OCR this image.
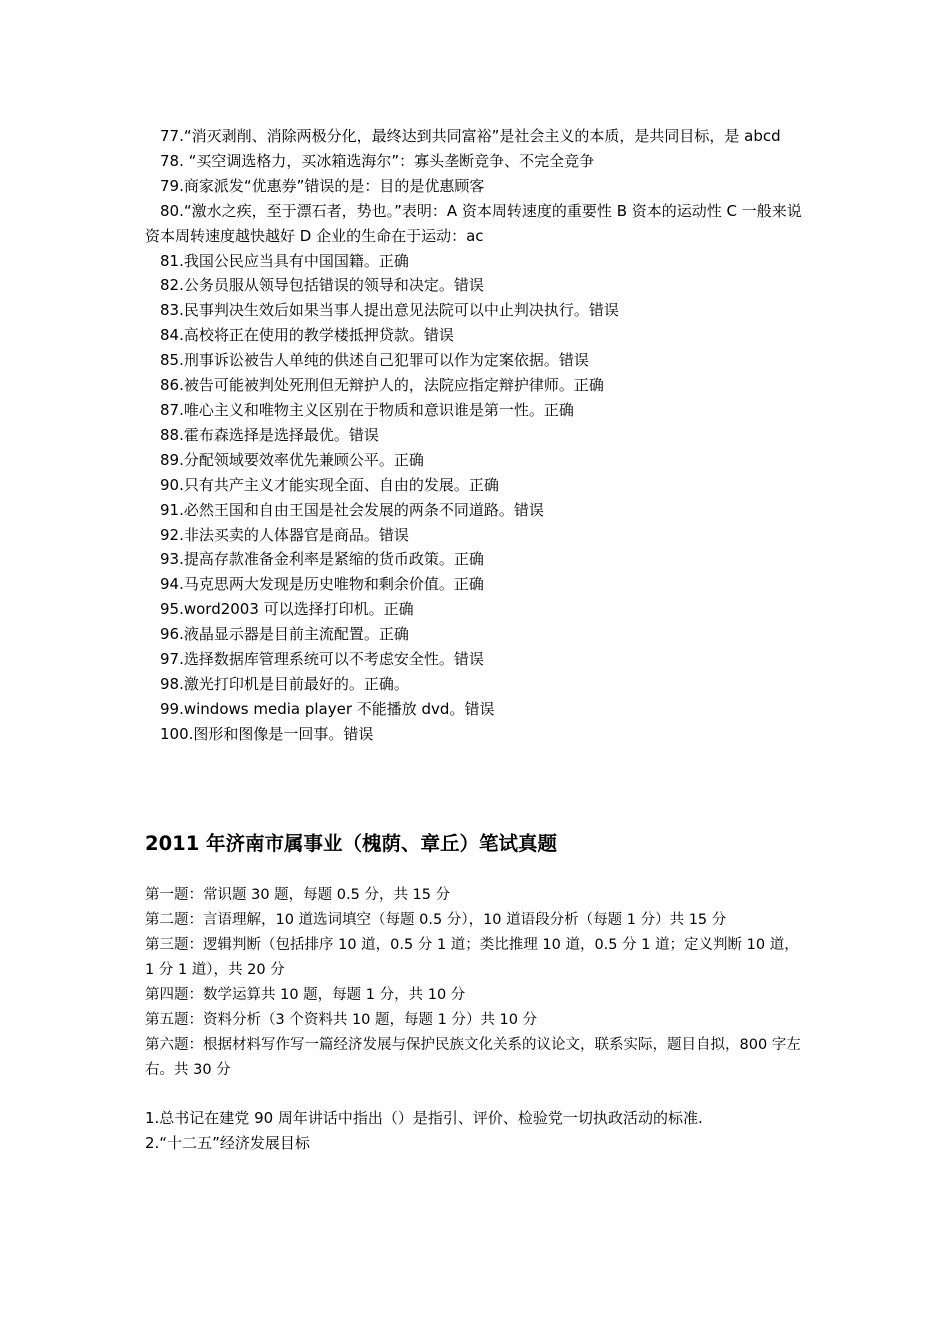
77.“消灭剥削、消除两极分化，最终达到共同富裕”是社会主义的本质，是共同目标，是 abcd

78. “买空调选格力，买冰箱选海尔”：寡头垄断竞争、不完全竞争

79.商家派发“优惠券”错误的是：目的是优惠顾客

80.“激水之疾，至于漂石者，势也。”表明：A 资本周转速度的重要性 B 资本的运动性 C 一般来说资本周转速度越快越好 D 企业的生命在于运动：ac

81.我国公民应当具有中国国籍。正确

82.公务员服从领导包括错误的领导和决定。错误

83.民事判决生效后如果当事人提出意见法院可以中止判决执行。错误

84.高校将正在使用的教学楼抵押贷款。错误

85.刑事诉讼被告人单纯的供述自己犯罪可以作为定案依据。错误

86.被告可能被判处死刑但无辩护人的，法院应指定辩护律师。正确

87.唯心主义和唯物主义区别在于物质和意识谁是第一性。正确

88.霍布森选择是选择最优。错误

89.分配领域要效率优先兼顾公平。正确

90.只有共产主义才能实现全面、自由的发展。正确

91.必然王国和自由王国是社会发展的两条不同道路。错误

92.非法买卖的人体器官是商品。错误

93.提高存款准备金利率是紧缩的货币政策。正确

94.马克思两大发现是历史唯物和剩余价值。正确

95.word2003 可以选择打印机。正确

96.液晶显示器是目前主流配置。正确

97.选择数据库管理系统可以不考虑安全性。错误

98.激光打印机是目前最好的。正确。

99.windows media player 不能播放 dvd。错误

100.图形和图像是一回事。错误

2011 年济南市属事业（槐荫、章丘）笔试真题

第一题：常识题 30 题，每题 0.5 分，共 15 分

第二题：言语理解，10 道选词填空（每题 0.5 分），10 道语段分析（每题 1 分）共 15 分

第三题：逻辑判断（包括排序 10 道，0.5 分 1 道；类比推理 10 道，0.5 分 1 道；定义判断 10 道，1 分 1 道），共 20 分

第四题：数学运算共 10 题，每题 1 分，共 10 分

第五题：资料分析（3 个资料共 10 题，每题 1 分）共 10 分

第六题：根据材料写作写一篇经济发展与保护民族文化关系的议论文，联系实际，题目自拟，800 字左右。共 30 分

1.总书记在建党 90 周年讲话中指出（）是指引、评价、检验党一切执政活动的标准.

2.“十二五”经济发展目标
